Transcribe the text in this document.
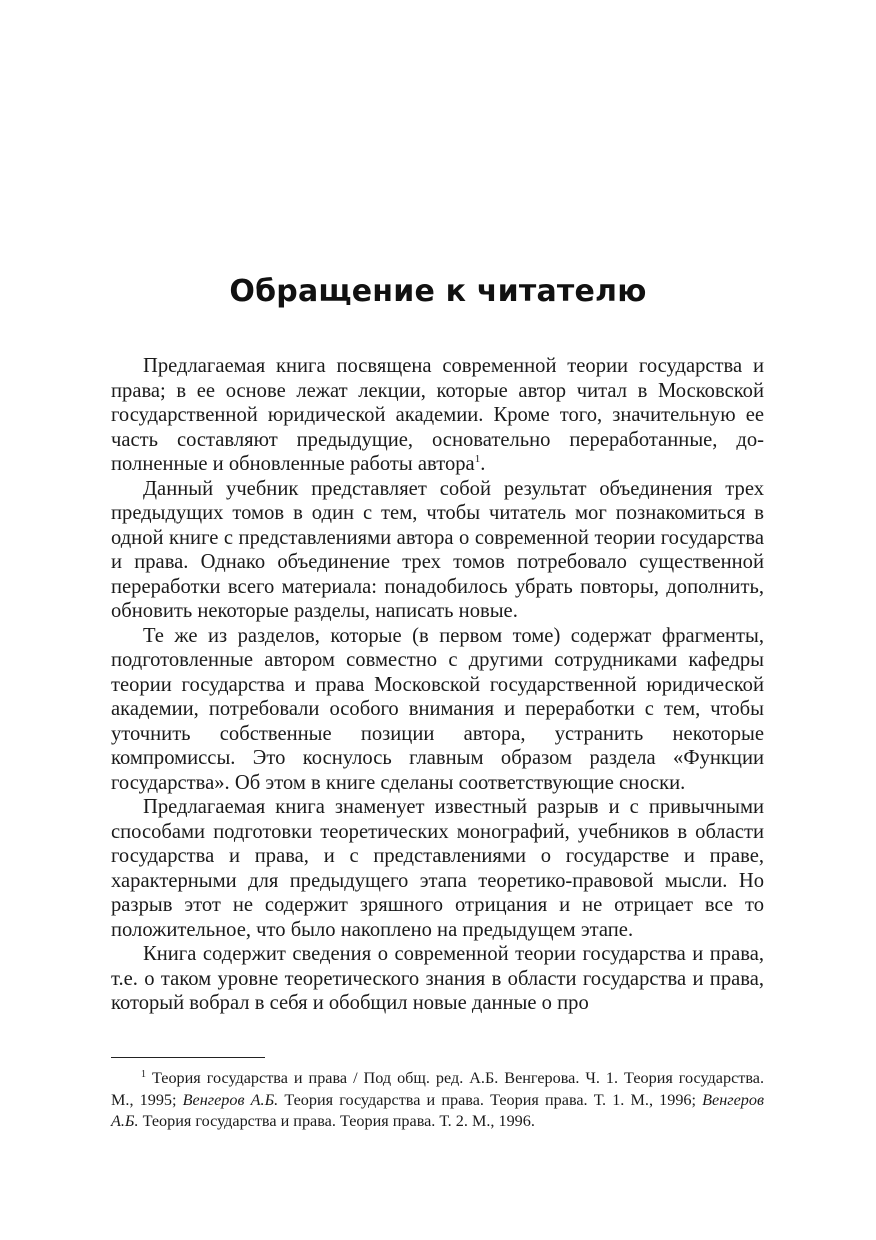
Обращение к читателю

Предлагаемая книга посвящена современной теории государства и права; в ее основе лежат лекции, которые автор читал в Московской государственной юридической академии. Кроме того, значительную ее часть составляют предыдущие, основательно переработанные, дополненные и обновленные работы автора$^1$.

Данный учебник представляет собой результат объединения трех предыдущих томов в один с тем, чтобы читатель мог познакомиться в одной книге с представлениями автора о современной теории государства и права. Однако объединение трех томов потребовало существенной переработки всего материала: понадобилось убрать повторы, дополнить, обновить некоторые разделы, написать новые.

Те же из разделов, которые (в первом томе) содержат фрагменты, подготовленные автором совместно с другими сотрудниками кафедры теории государства и права Московской государственной юридической академии, потребовали особого внимания и переработки с тем, чтобы уточнить собственные позиции автора, устранить некоторые компромиссы. Это коснулось главным образом раздела «Функции государства». Об этом в книге сделаны соответствующие сноски.

Предлагаемая книга знаменует известный разрыв и с привычными способами подготовки теоретических монографий, учебников в области государства и права, и с представлениями о государстве и праве, характерными для предыдущего этапа теоретико-правовой мысли. Но разрыв этот не содержит зряшного отрицания и не отрицает все то положительное, что было накоплено на предыдущем этапе.

Книга содержит сведения о современной теории государства и права, т.е. о таком уровне теоретического знания в области государства и права, который вобрал в себя и обобщил новые данные о про

$^1$ Теория государства и права / Под общ. ред. А.Б. Венгерова. Ч. 1. Теория государства. М., 1995; Венгеров А.Б. Теория государства и права. Теория права. Т. 1. М., 1996; Венгеров А.Б. Теория государства и права. Теория права. Т. 2. М., 1996.
